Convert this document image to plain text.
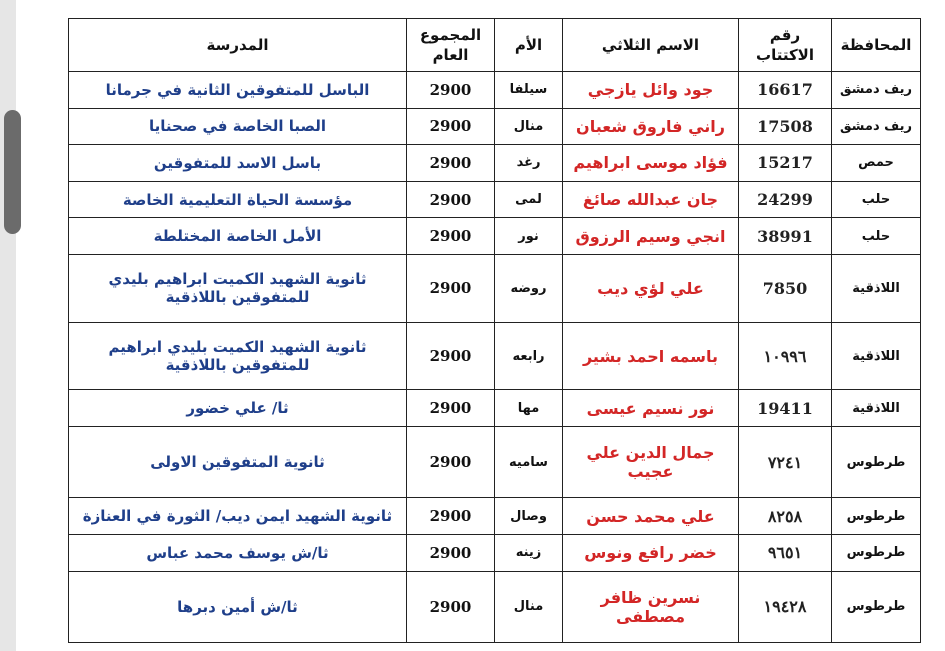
المحافظة	رقم الاكتتاب	الاسم الثلاثي	الأم	المجموع العام	المدرسة
ريف دمشق	16617	جود وائل يازجي	سيلفا	2900	الباسل للمتفوقين الثانية في جرمانا
ريف دمشق	17508	راني فاروق شعبان	منال	2900	الصبا الخاصة في صحنايا
حمص	15217	فؤاد موسى ابراهيم	رغد	2900	باسل الاسد للمتفوقين
حلب	24299	جان عبدالله صائغ	لمى	2900	مؤسسة الحياة التعليمية الخاصة
حلب	38991	انجي وسيم الرزوق	نور	2900	الأمل الخاصة المختلطة
اللاذقية	7850	علي لؤي ديب	روضه	2900	ثانوية الشهيد الكميت ابراهيم بليدي للمتفوقين باللاذقية
اللاذقية	١٠٩٩٦	باسمه احمد بشير	رابعه	2900	ثانوية الشهيد الكميت بليدي ابراهيم للمتفوقين باللاذقية
اللاذقية	19411	نور نسيم عيسى	مها	2900	ثا/ علي خضور
طرطوس	٧٢٤١	جمال الدين علي عجيب	ساميه	2900	ثانوية المتفوقين الاولى
طرطوس	٨٢٥٨	علي محمد حسن	وصال	2900	ثانوية الشهيد ايمن ديب/ الثورة في العنازة
طرطوس	٩٦٥١	خضر رافع ونوس	زينه	2900	ثا/ش يوسف محمد عباس
طرطوس	١٩٤٢٨	نسرين ظافر مصطفى	منال	2900	ثا/ش أمين دبرها
